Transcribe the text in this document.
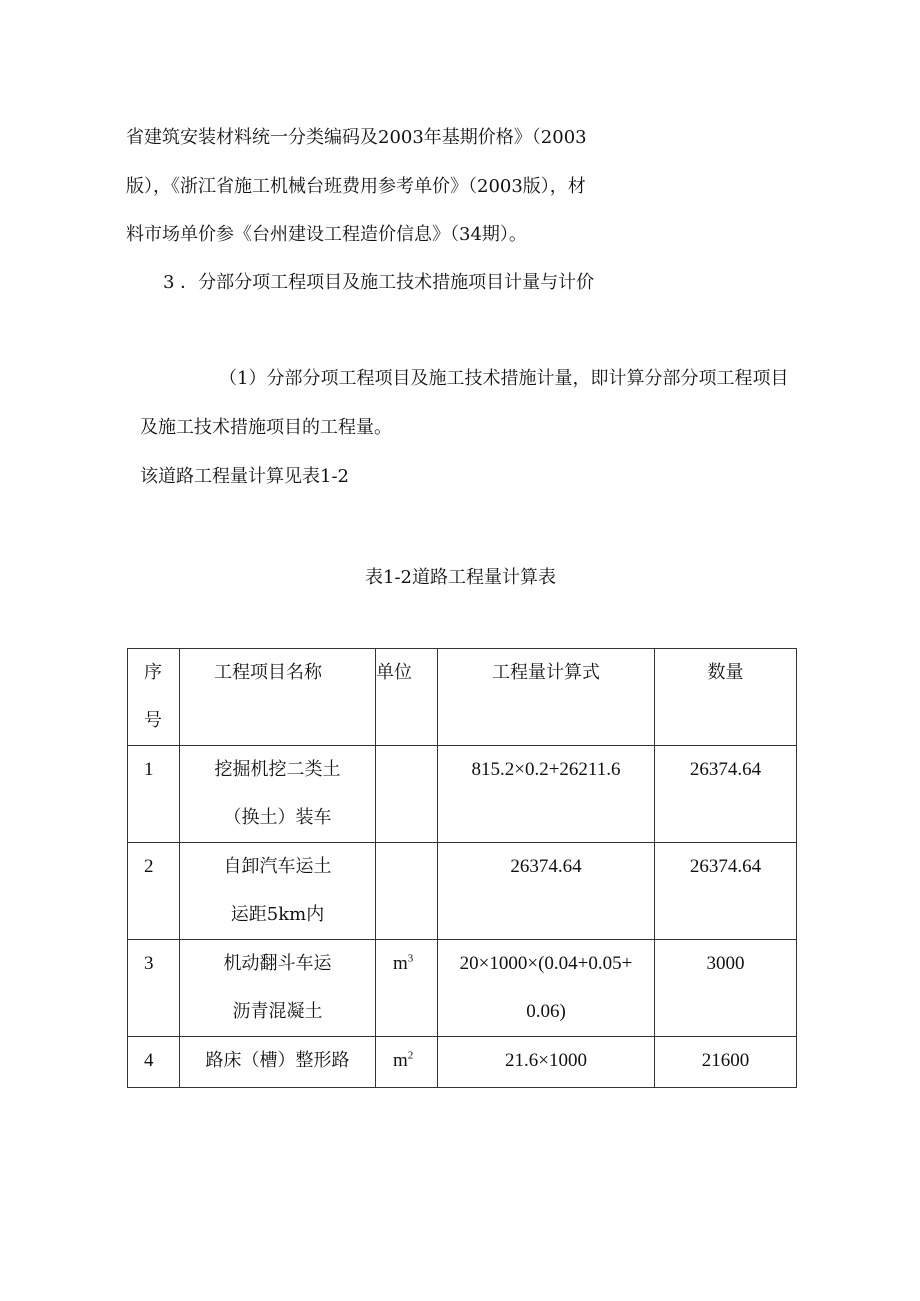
省建筑安装材料统一分类编码及2003年基期价格》（2003
版），《浙江省施工机械台班费用参考单价》（2003版），材
料市场单价参《台州建设工程造价信息》（34期）。
3 ．分部分项工程项目及施工技术措施项目计量与计价
（1）分部分项工程项目及施工技术措施计量，即计算分部分项工程项目
及施工技术措施项目的工程量。
该道路工程量计算见表1-2
表1-2道路工程量计算表
序
号	工程项目名称	单位	工程量计算式	数量

1	挖掘机挖二类土
（换土）装车		815.2×0.2+26211.6	26374.64

2	自卸汽车运土
运距5km内		26374.64	26374.64

3	机动翻斗车运
沥青混凝土	$m^3$	20×1000×(0.04+0.05+
0.06)	3000

4	路床（槽）整形路	$m^2$	21.6×1000	21600
